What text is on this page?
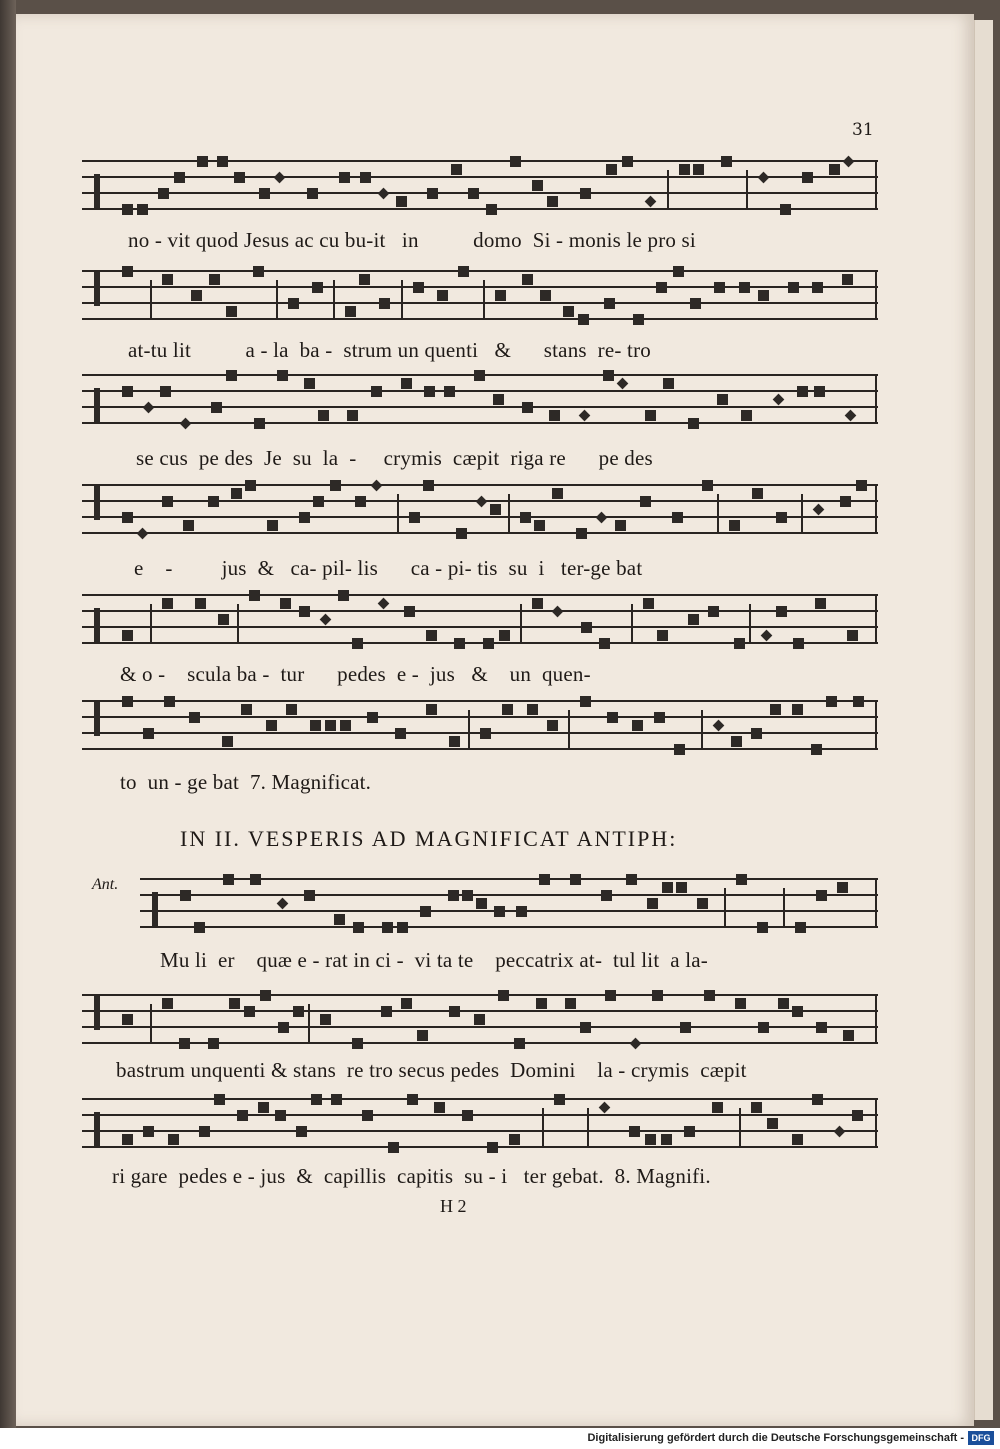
31
no - vit quod Jesus ac cu bu-it   in          domo  Si - monis le pro si
at-tu lit          a - la  ba -  strum un quenti   &      stans  re- tro
se cus  pe des  Je  su  la  -     crymis  cæpit  riga re      pe des
e    -         jus  &   ca- pil- lis      ca - pi- tis  su  i   ter-ge bat
& o -    scula ba -  tur      pedes  e -  jus   &    un  quen-
to  un - ge bat  7. Magnificat.
IN II. VESPERIS AD MAGNIFICAT ANTIPH:
Ant.
Mu li  er    quæ e - rat in ci -  vi ta te    peccatrix at-  tul lit  a la-
bastrum unquenti & stans  re tro secus pedes  Domini    la - crymis  cæpit
ri gare  pedes e - jus  &  capillis  capitis  su - i   ter gebat.  8. Magnifi.
H 2
Digitalisierung gefördert durch die Deutsche Forschungsgemeinschaft - DFG
